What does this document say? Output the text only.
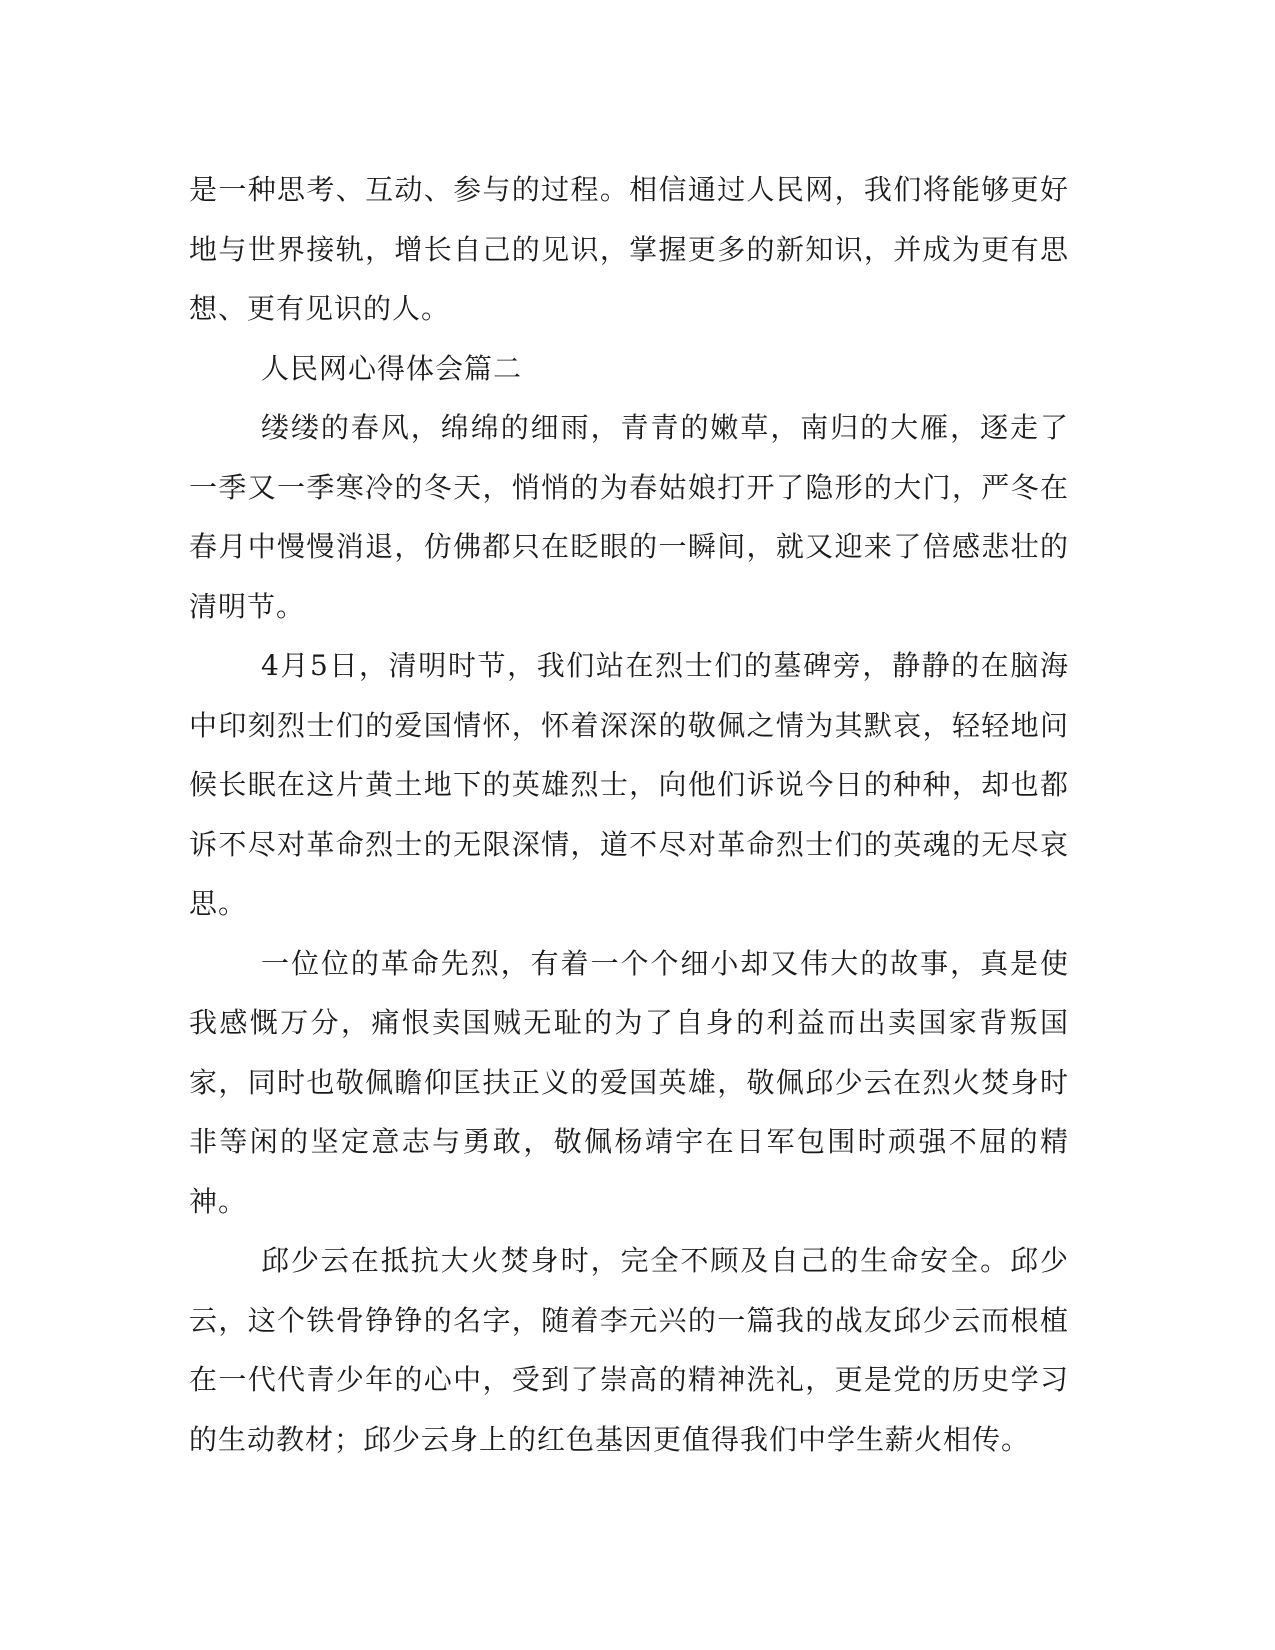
是一种思考、互动、参与的过程。相信通过人民网，我们将能够更好地与世界接轨，增长自己的见识，掌握更多的新知识，并成为更有思想、更有见识的人。

人民网心得体会篇二

缕缕的春风，绵绵的细雨，青青的嫩草，南归的大雁，逐走了一季又一季寒冷的冬天，悄悄的为春姑娘打开了隐形的大门，严冬在春月中慢慢消退，仿佛都只在眨眼的一瞬间，就又迎来了倍感悲壮的清明节。

4月5日，清明时节，我们站在烈士们的墓碑旁，静静的在脑海中印刻烈士们的爱国情怀，怀着深深的敬佩之情为其默哀，轻轻地问候长眠在这片黄土地下的英雄烈士，向他们诉说今日的种种，却也都诉不尽对革命烈士的无限深情，道不尽对革命烈士们的英魂的无尽哀思。

一位位的革命先烈，有着一个个细小却又伟大的故事，真是使我感慨万分，痛恨卖国贼无耻的为了自身的利益而出卖国家背叛国家，同时也敬佩瞻仰匡扶正义的爱国英雄，敬佩邱少云在烈火焚身时非等闲的坚定意志与勇敢，敬佩杨靖宇在日军包围时顽强不屈的精神。

邱少云在抵抗大火焚身时，完全不顾及自己的生命安全。邱少云，这个铁骨铮铮的名字，随着李元兴的一篇我的战友邱少云而根植在一代代青少年的心中，受到了崇高的精神洗礼，更是党的历史学习的生动教材；邱少云身上的红色基因更值得我们中学生薪火相传。
